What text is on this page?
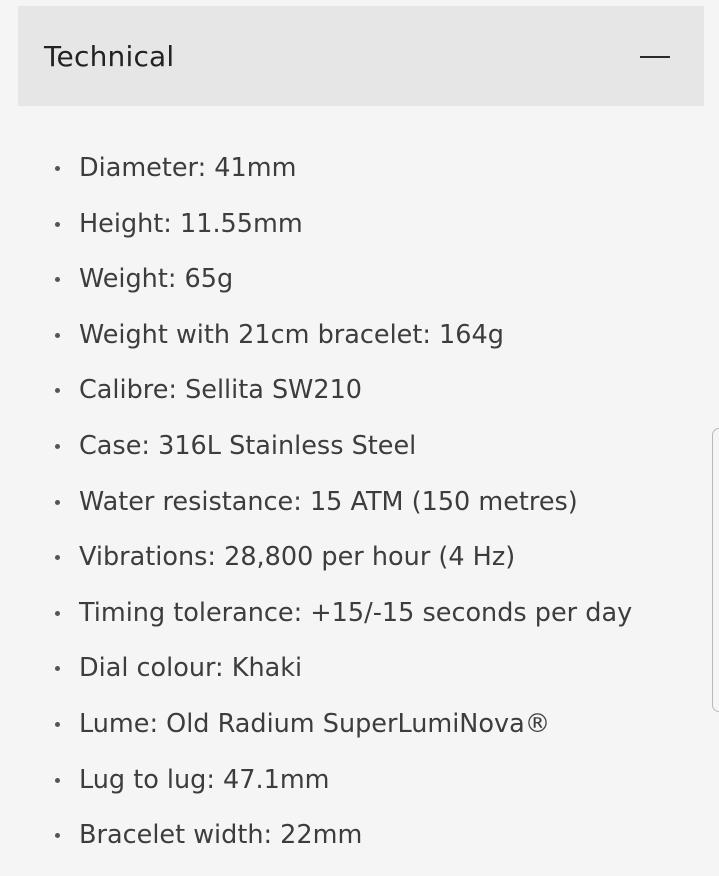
Technical
Diameter: 41mm
Height: 11.55mm
Weight: 65g
Weight with 21cm bracelet: 164g
Calibre: Sellita SW210
Case: 316L Stainless Steel
Water resistance: 15 ATM (150 metres)
Vibrations: 28,800 per hour (4 Hz)
Timing tolerance: +15/-15 seconds per day
Dial colour: Khaki
Lume: Old Radium SuperLumiNova®
Lug to lug: 47.1mm
Bracelet width: 22mm
